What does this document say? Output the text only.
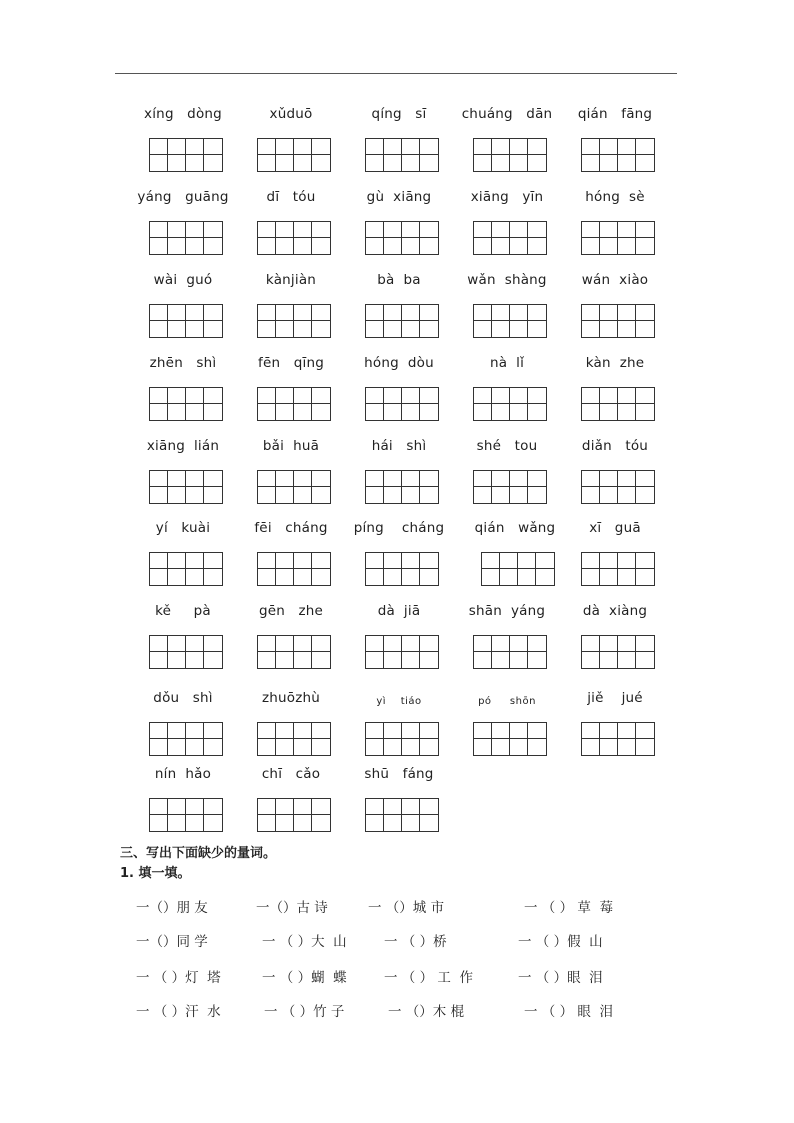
xíng   dòng	xǔduō	qíng   sī	chuáng   dān	qián   fāng
yáng   guāng	dī   tóu	gù  xiāng	xiāng   yīn	hóng  sè
wài  guó	kànjiàn	bà  ba	wǎn  shàng	wán  xiào
zhēn   shì	fēn   qīng	hóng  dòu	nà  lǐ	kàn  zhe
xiāng  lián	bǎi  huā	hái   shì	shé   tou	diǎn   tóu
yí   kuài	fēi   cháng	píng    cháng	qián   wǎng	xī   guā
kě     pà	gēn   zhe	dà  jiā	shān  yáng	dà  xiàng
dǒu   shì	zhuōzhù	yì    tiáo	pó     shōn	jiě    jué
nín  hǎo	chī   cǎo	shū   fáng
三、写出下面缺少的量词。
1. 填一填。
一（）朋 友	一（）古 诗	一 （）城 市	一 （ ） 草  莓
一（）同 学	一 （ ）大  山	一 （ ）桥	一 （ ）假  山
一 （ ）灯  塔	一 （ ）蝴  蝶	一 （ ） 工  作	一 （ ）眼  泪
一 （ ）汗  水	一 （ ）竹 子	一 （）木 棍	一 （ ） 眼  泪
